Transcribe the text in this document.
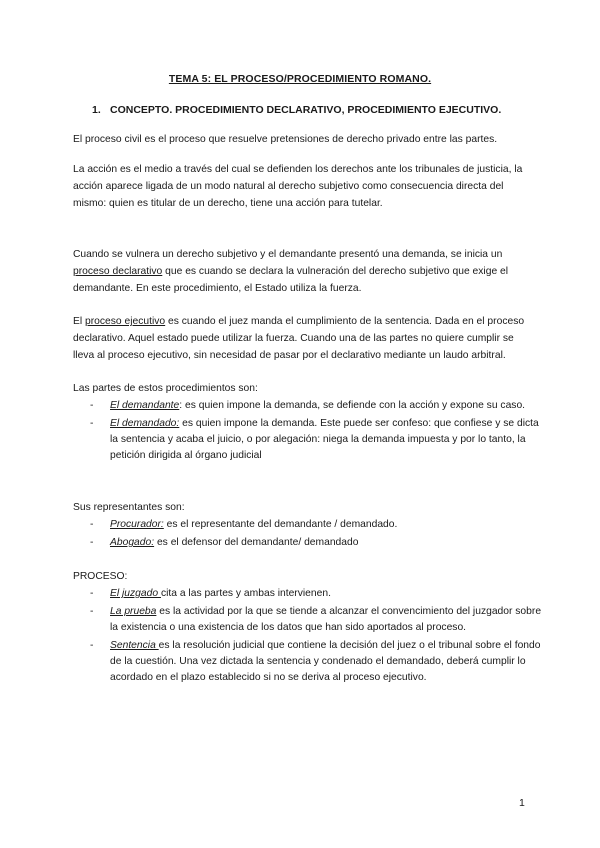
TEMA 5: EL PROCESO/PROCEDIMIENTO ROMANO.

1. CONCEPTO. PROCEDIMIENTO DECLARATIVO, PROCEDIMIENTO EJECUTIVO.

El proceso civil es el proceso que resuelve pretensiones de derecho privado entre las partes.

La acción es el medio a través del cual se defienden los derechos ante los tribunales de justicia, la acción aparece ligada de un modo natural al derecho subjetivo como consecuencia directa del mismo: quien es titular de un derecho, tiene una acción para tutelar.

Cuando se vulnera un derecho subjetivo y el demandante presentó una demanda, se inicia un proceso declarativo que es cuando se declara la vulneración del derecho subjetivo que exige el demandante. En este procedimiento, el Estado utiliza la fuerza.

El proceso ejecutivo es cuando el juez manda el cumplimiento de la sentencia. Dada en el proceso declarativo. Aquel estado puede utilizar la fuerza. Cuando una de las partes no quiere cumplir se lleva al proceso ejecutivo, sin necesidad de pasar por el declarativo mediante un laudo arbitral.

Las partes de estos procedimientos son:

- El demandante: es quien impone la demanda, se defiende con la acción y expone su caso.
- El demandado: es quien impone la demanda. Este puede ser confeso: que confiese y se dicta la sentencia y acaba el juicio, o por alegación: niega la demanda impuesta y por lo tanto, la petición dirigida al órgano judicial

Sus representantes son:

- Procurador: es el representante del demandante / demandado.
- Abogado: es el defensor del demandante/ demandado

PROCESO:

- El juzgado cita a las partes y ambas intervienen.
- La prueba es la actividad por la que se tiende a alcanzar el convencimiento del juzgador sobre la existencia o una existencia de los datos que han sido aportados al proceso.
- Sentencia es la resolución judicial que contiene la decisión del juez o el tribunal sobre el fondo de la cuestión. Una vez dictada la sentencia y condenado el demandado, deberá cumplir lo acordado en el plazo establecido si no se deriva al proceso ejecutivo.
1
